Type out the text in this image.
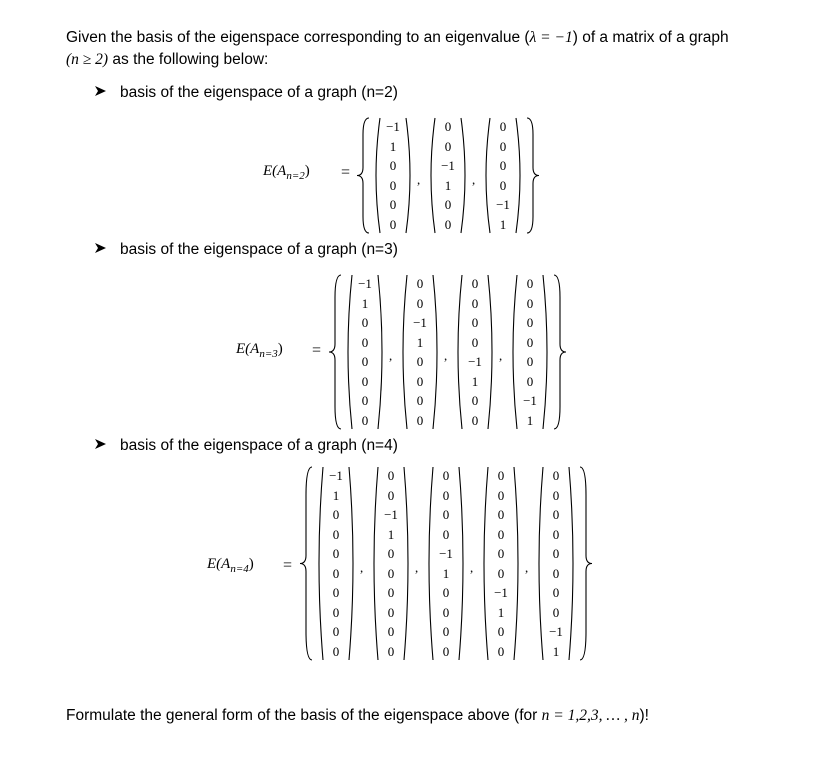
Given the basis of the eigenspace corresponding to an eigenvalue (λ = −1) of a matrix of a graph
(n ≥ 2) as the following below:
basis of the eigenspace of a graph (n=2)
$E(A_{n=2})$ =
−1
1
0
0
0
0
,
0
0
−1
1
0
0
,
0
0
0
0
−1
1
basis of the eigenspace of a graph (n=3)
$E(A_{n=3})$ =
−1
1
0
0
0
0
0
0
,
0
0
−1
1
0
0
0
0
,
0
0
0
0
−1
1
0
0
,
0
0
0
0
0
0
−1
1
basis of the eigenspace of a graph (n=4)
$E(A_{n=4})$ =
−1
1
0
0
0
0
0
0
0
0
,
0
0
−1
1
0
0
0
0
0
0
,
0
0
0
0
−1
1
0
0
0
0
,
0
0
0
0
0
0
−1
1
0
0
,
0
0
0
0
0
0
0
0
−1
1
Formulate the general form of the basis of the eigenspace above (for n = 1,2,3, … , n)!
